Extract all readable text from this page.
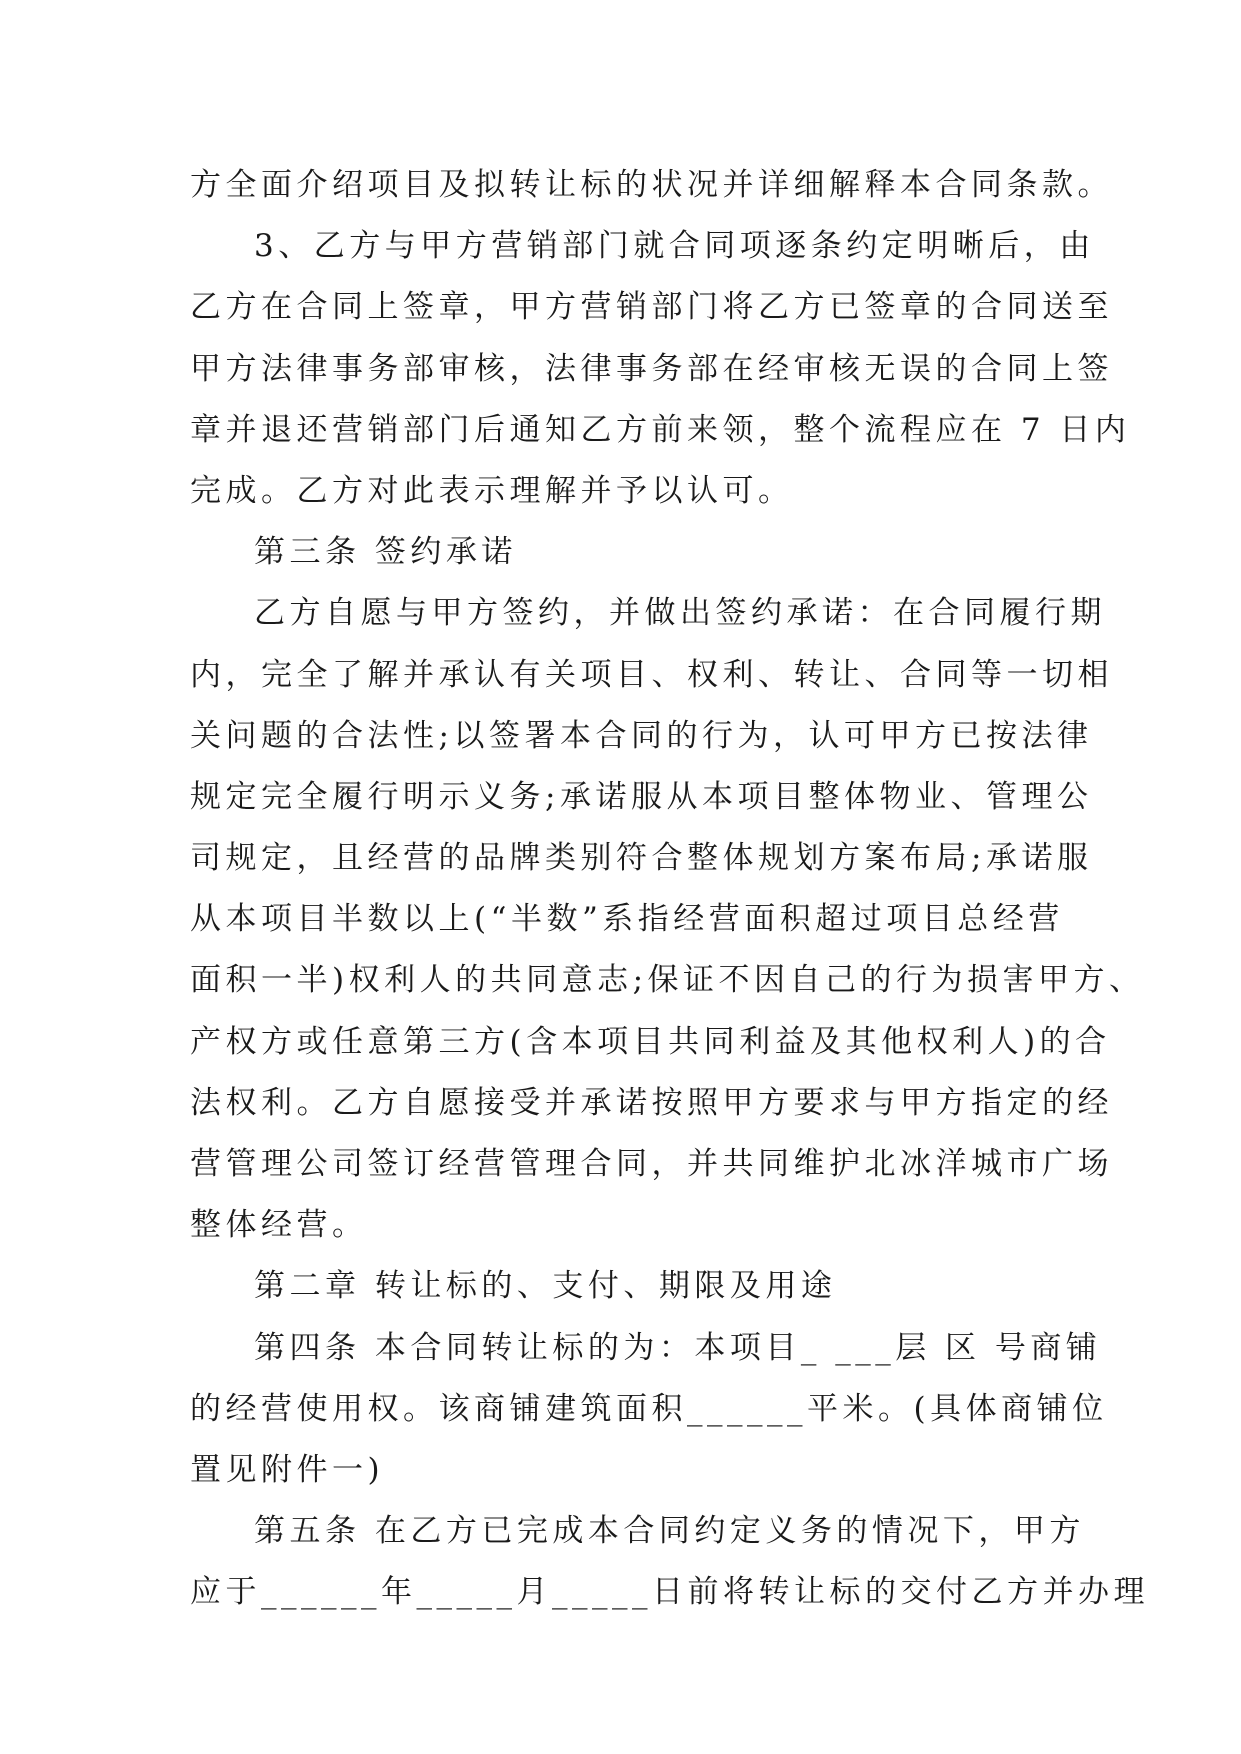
方全面介绍项目及拟转让标的状况并详细解释本合同条款。
3、乙方与甲方营销部门就合同项逐条约定明晰后，由
乙方在合同上签章，甲方营销部门将乙方已签章的合同送至
甲方法律事务部审核，法律事务部在经审核无误的合同上签
章并退还营销部门后通知乙方前来领，整个流程应在 7 日内
完成。乙方对此表示理解并予以认可。
第三条 签约承诺
乙方自愿与甲方签约，并做出签约承诺：在合同履行期
内，完全了解并承认有关项目、权利、转让、合同等一切相
关问题的合法性;以签署本合同的行为，认可甲方已按法律
规定完全履行明示义务;承诺服从本项目整体物业、管理公
司规定，且经营的品牌类别符合整体规划方案布局;承诺服
从本项目半数以上(“半数”系指经营面积超过项目总经营
面积一半)权利人的共同意志;保证不因自己的行为损害甲方、
产权方或任意第三方(含本项目共同利益及其他权利人)的合
法权利。乙方自愿接受并承诺按照甲方要求与甲方指定的经
营管理公司签订经营管理合同，并共同维护北冰洋城市广场
整体经营。
第二章 转让标的、支付、期限及用途
第四条 本合同转让标的为：本项目_ ___层 区 号商铺
的经营使用权。该商铺建筑面积______平米。(具体商铺位
置见附件一)
第五条 在乙方已完成本合同约定义务的情况下，甲方
应于______年_____月_____日前将转让标的交付乙方并办理
